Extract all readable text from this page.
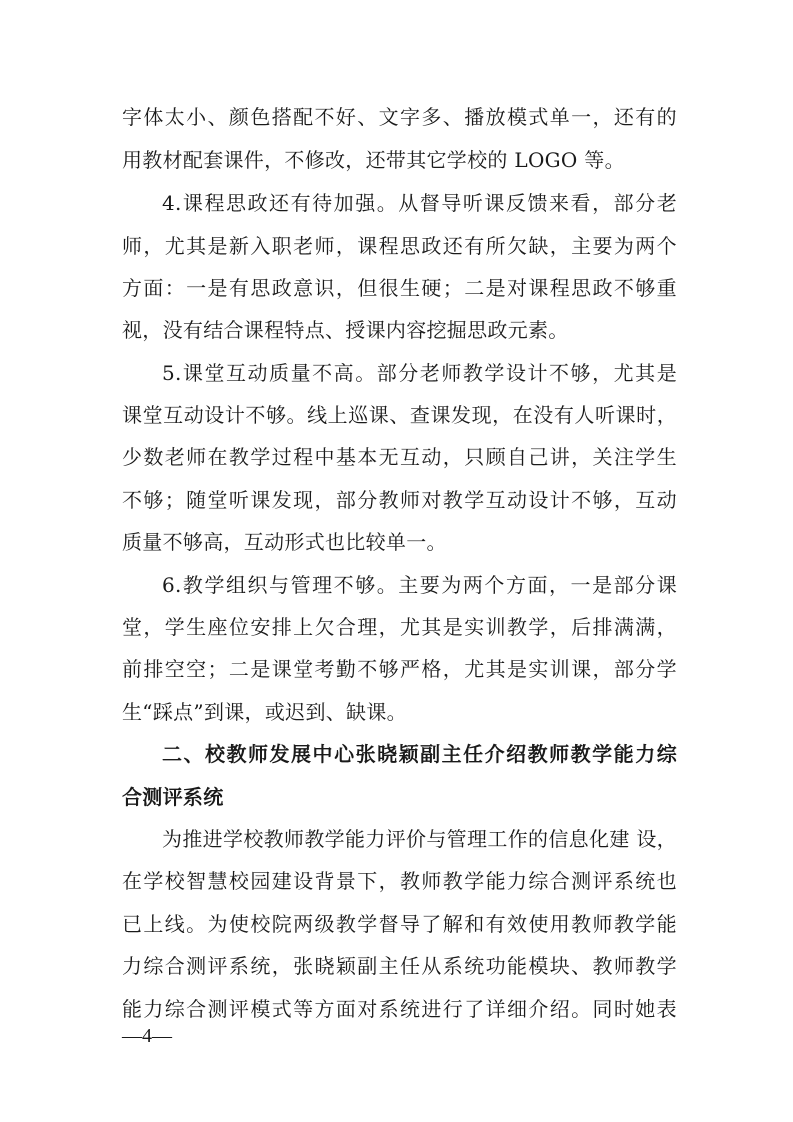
字体太小、颜色搭配不好、文字多、播放模式单一，还有的
用教材配套课件，不修改，还带其它学校的 LOGO 等。
4.课程思政还有待加强。从督导听课反馈来看，部分老
师，尤其是新入职老师，课程思政还有所欠缺，主要为两个
方面：一是有思政意识，但很生硬；二是对课程思政不够重
视，没有结合课程特点、授课内容挖掘思政元素。
5.课堂互动质量不高。部分老师教学设计不够，尤其是
课堂互动设计不够。线上巡课、查课发现，在没有人听课时，
少数老师在教学过程中基本无互动，只顾自己讲，关注学生
不够；随堂听课发现，部分教师对教学互动设计不够，互动
质量不够高，互动形式也比较单一。
6.教学组织与管理不够。主要为两个方面，一是部分课
堂，学生座位安排上欠合理，尤其是实训教学，后排满满，
前排空空；二是课堂考勤不够严格，尤其是实训课，部分学
生“踩点”到课，或迟到、缺课。
二、校教师发展中心张晓颖副主任介绍教师教学能力综
合测评系统
为推进学校教师教学能力评价与管理工作的信息化建 设，
在学校智慧校园建设背景下，教师教学能力综合测评系统也
已上线。为使校院两级教学督导了解和有效使用教师教学能
力综合测评系统，张晓颖副主任从系统功能模块、教师教学
能力综合测评模式等方面对系统进行了详细介绍。同时她表
—4—
